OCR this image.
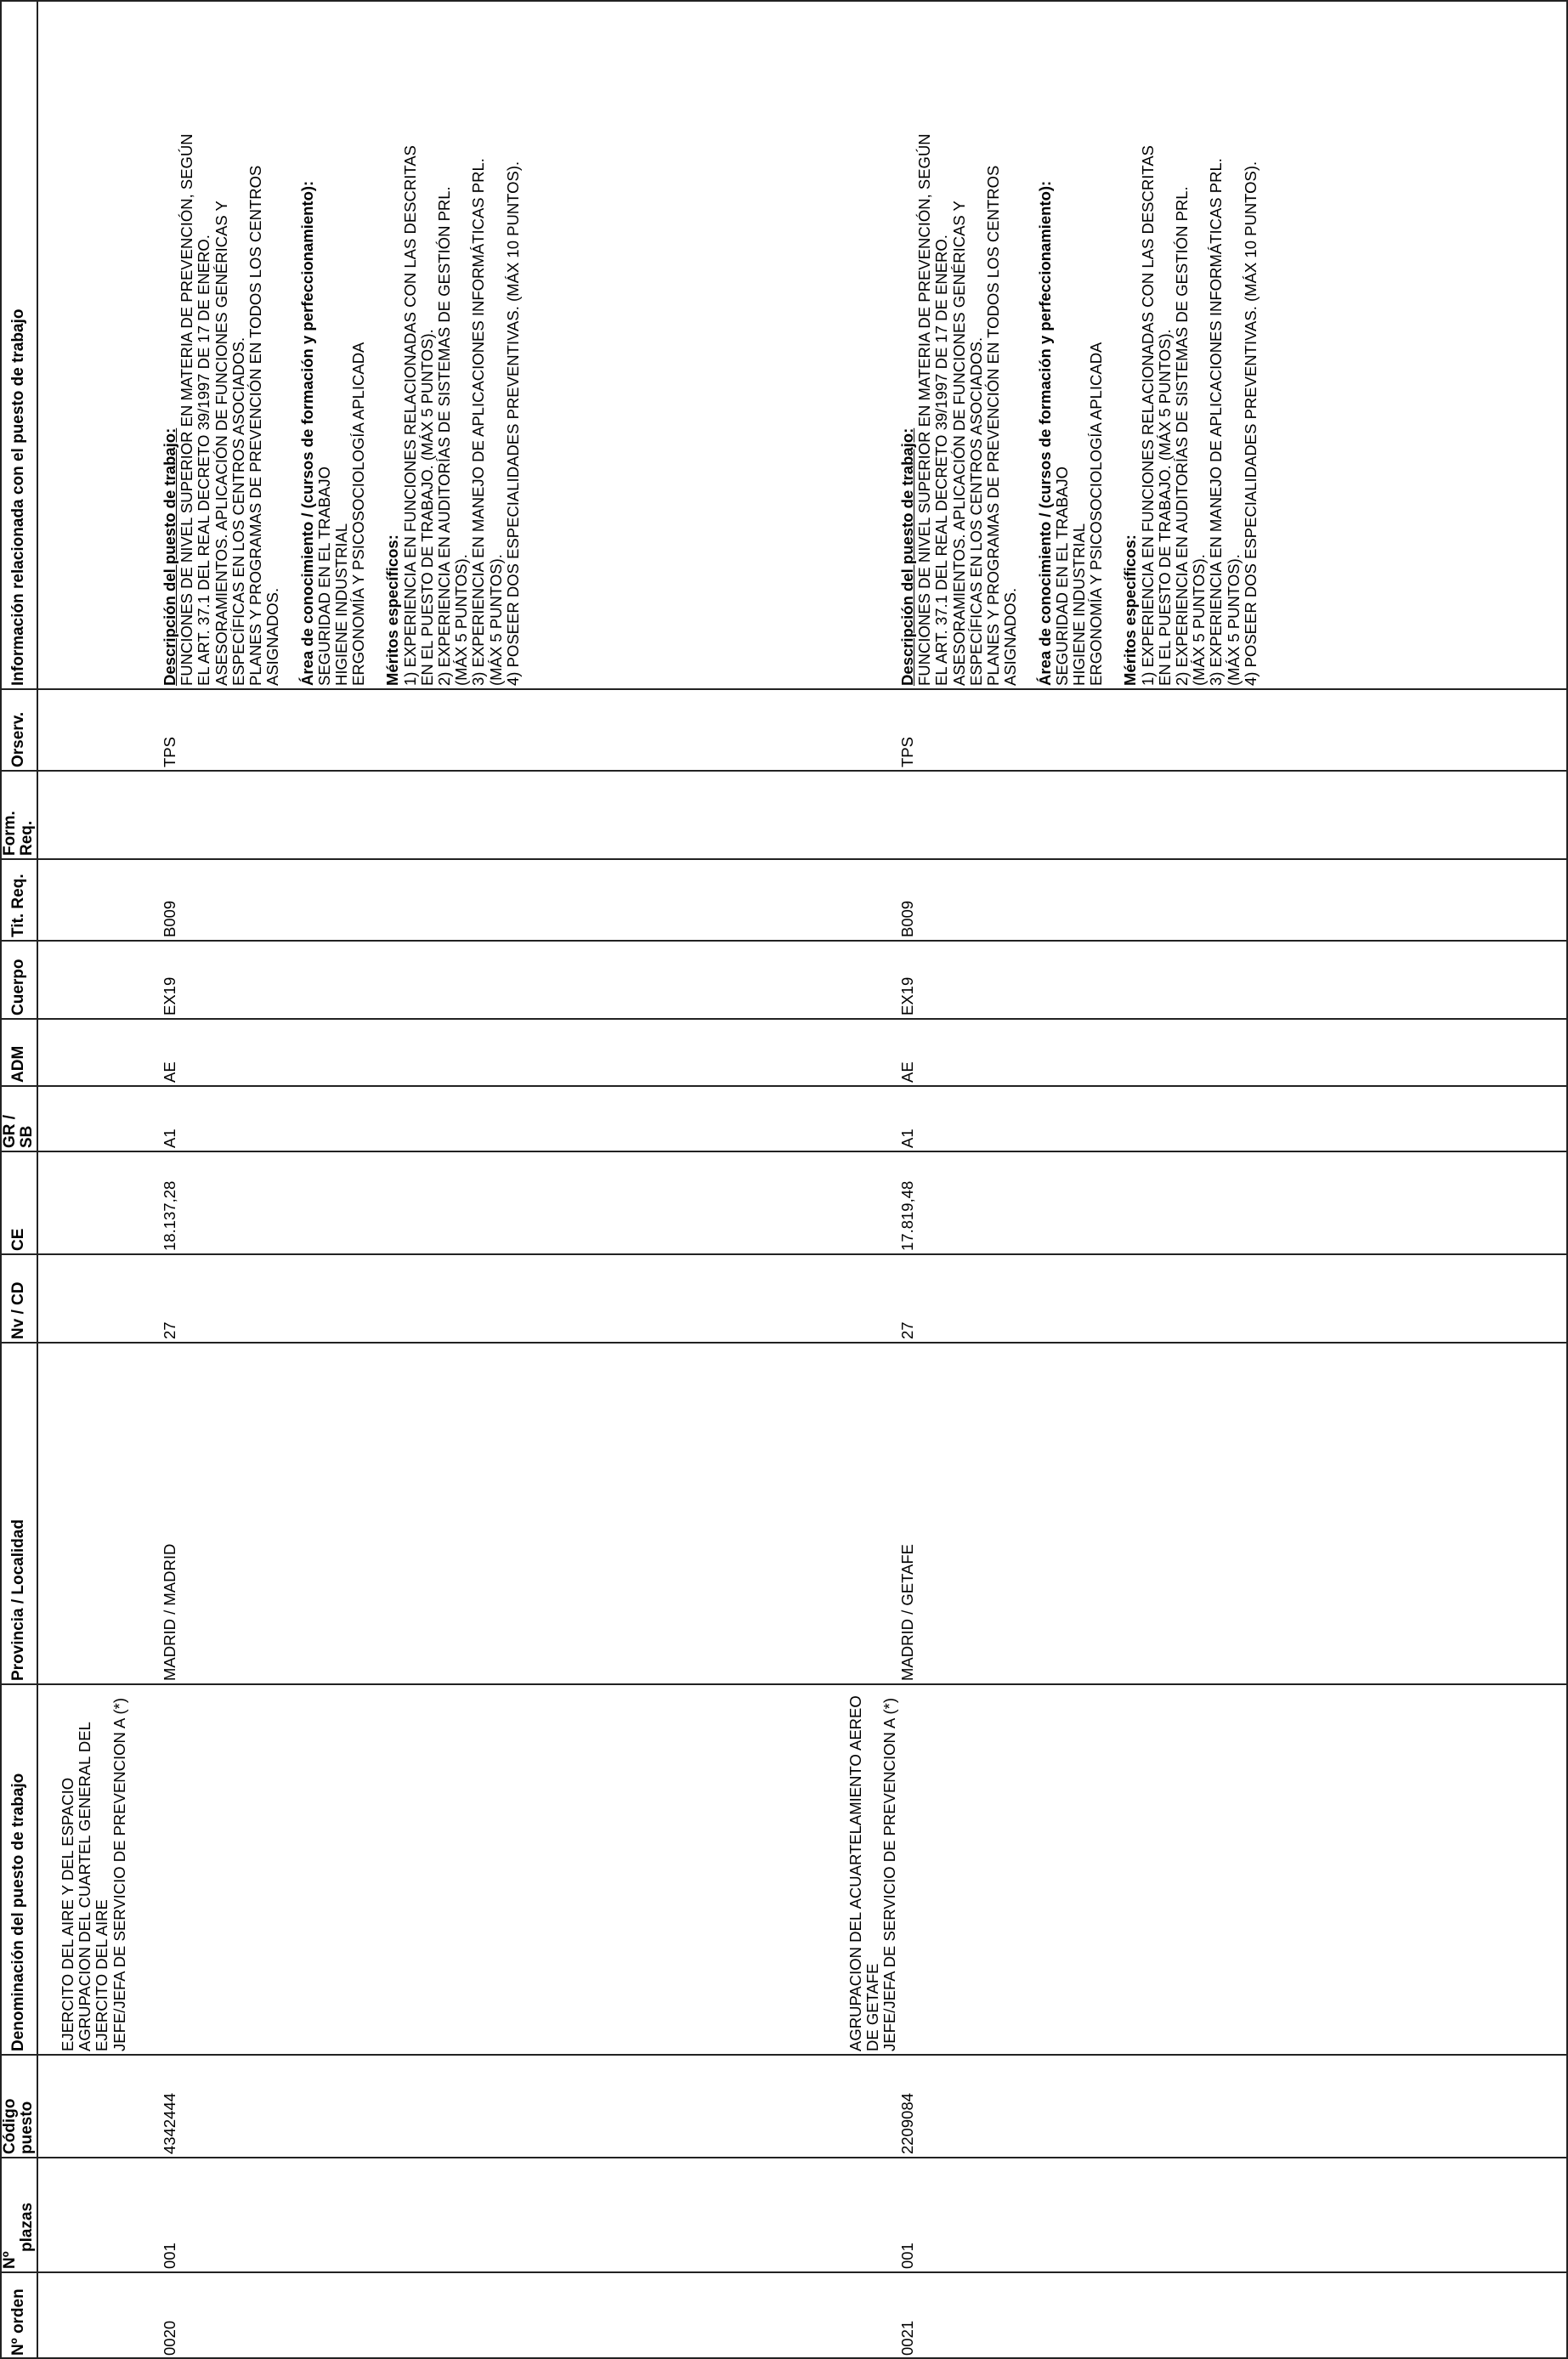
Nº orden
Nº
plazas
Código puesto
Denominación del puesto de trabajo
Provincia / Localidad
Nv / CD
CE
GR / SB
ADM
Cuerpo
Tit. Req.
Form. Req.
Orserv.
Información relacionada con el puesto de trabajo
0020
001
4342444
EJERCITO DEL AIRE Y DEL ESPACIO AGRUPACION DEL CUARTEL GENERAL DEL EJERCITO DEL AIRE JEFE/JEFA DE SERVICIO DE PREVENCION A (*)
MADRID / MADRID
27
18.137,28
A1
AE
EX19
B009
TPS
Descripción del puesto de trabajo: FUNCIONES DE NIVEL SUPERIOR EN MATERIA DE PREVENCIÓN, SEGÚN EL ART. 37.1 DEL REAL DECRETO 39/1997 DE 17 DE ENERO. ASESORAMIENTOS. APLICACIÓN DE FUNCIONES GENÉRICAS Y ESPECÍFICAS EN LOS CENTROS ASOCIADOS. PLANES Y PROGRAMAS DE PREVENCIÓN EN TODOS LOS CENTROS ASIGNADOS. Área de conocimiento / (cursos de formación y perfeccionamiento): SEGURIDAD EN EL TRABAJO HIGIENE INDUSTRIAL ERGONOMÍA Y PSICOSOCIOLOGÍA APLICADA Méritos específicos: 1) EXPERIENCIA EN FUNCIONES RELACIONADAS CON LAS DESCRITAS EN EL PUESTO DE TRABAJO. (MÁX 5 PUNTOS). 2) EXPERIENCIA EN AUDITORÍAS DE SISTEMAS DE GESTIÓN PRL. (MÁX 5 PUNTOS). 3) EXPERIENCIA EN MANEJO DE APLICACIONES INFORMÁTICAS PRL. (MÁX 5 PUNTOS). 4) POSEER DOS ESPECIALIDADES PREVENTIVAS. (MÁX 10 PUNTOS).
0021
001
2209084
AGRUPACION DEL ACUARTELAMIENTO AEREO DE GETAFE JEFE/JEFA DE SERVICIO DE PREVENCION A (*)
MADRID / GETAFE
27
17.819,48
A1
AE
EX19
B009
TPS
Descripción del puesto de trabajo: FUNCIONES DE NIVEL SUPERIOR EN MATERIA DE PREVENCIÓN, SEGÚN EL ART. 37.1 DEL REAL DECRETO 39/1997 DE 17 DE ENERO. ASESORAMIENTOS. APLICACIÓN DE FUNCIONES GENÉRICAS Y ESPECÍFICAS EN LOS CENTROS ASOCIADOS. PLANES Y PROGRAMAS DE PREVENCIÓN EN TODOS LOS CENTROS ASIGNADOS. Área de conocimiento / (cursos de formación y perfeccionamiento): SEGURIDAD EN EL TRABAJO HIGIENE INDUSTRIAL ERGONOMÍA Y PSICOSOCIOLOGÍA APLICADA Méritos específicos: 1) EXPERIENCIA EN FUNCIONES RELACIONADAS CON LAS DESCRITAS EN EL PUESTO DE TRABAJO. (MÁX 5 PUNTOS). 2) EXPERIENCIA EN AUDITORÍAS DE SISTEMAS DE GESTIÓN PRL. (MÁX 5 PUNTOS). 3) EXPERIENCIA EN MANEJO DE APLICACIONES INFORMÁTICAS PRL. (MÁX 5 PUNTOS). 4) POSEER DOS ESPECIALIDADES PREVENTIVAS. (MÁX 10 PUNTOS).
